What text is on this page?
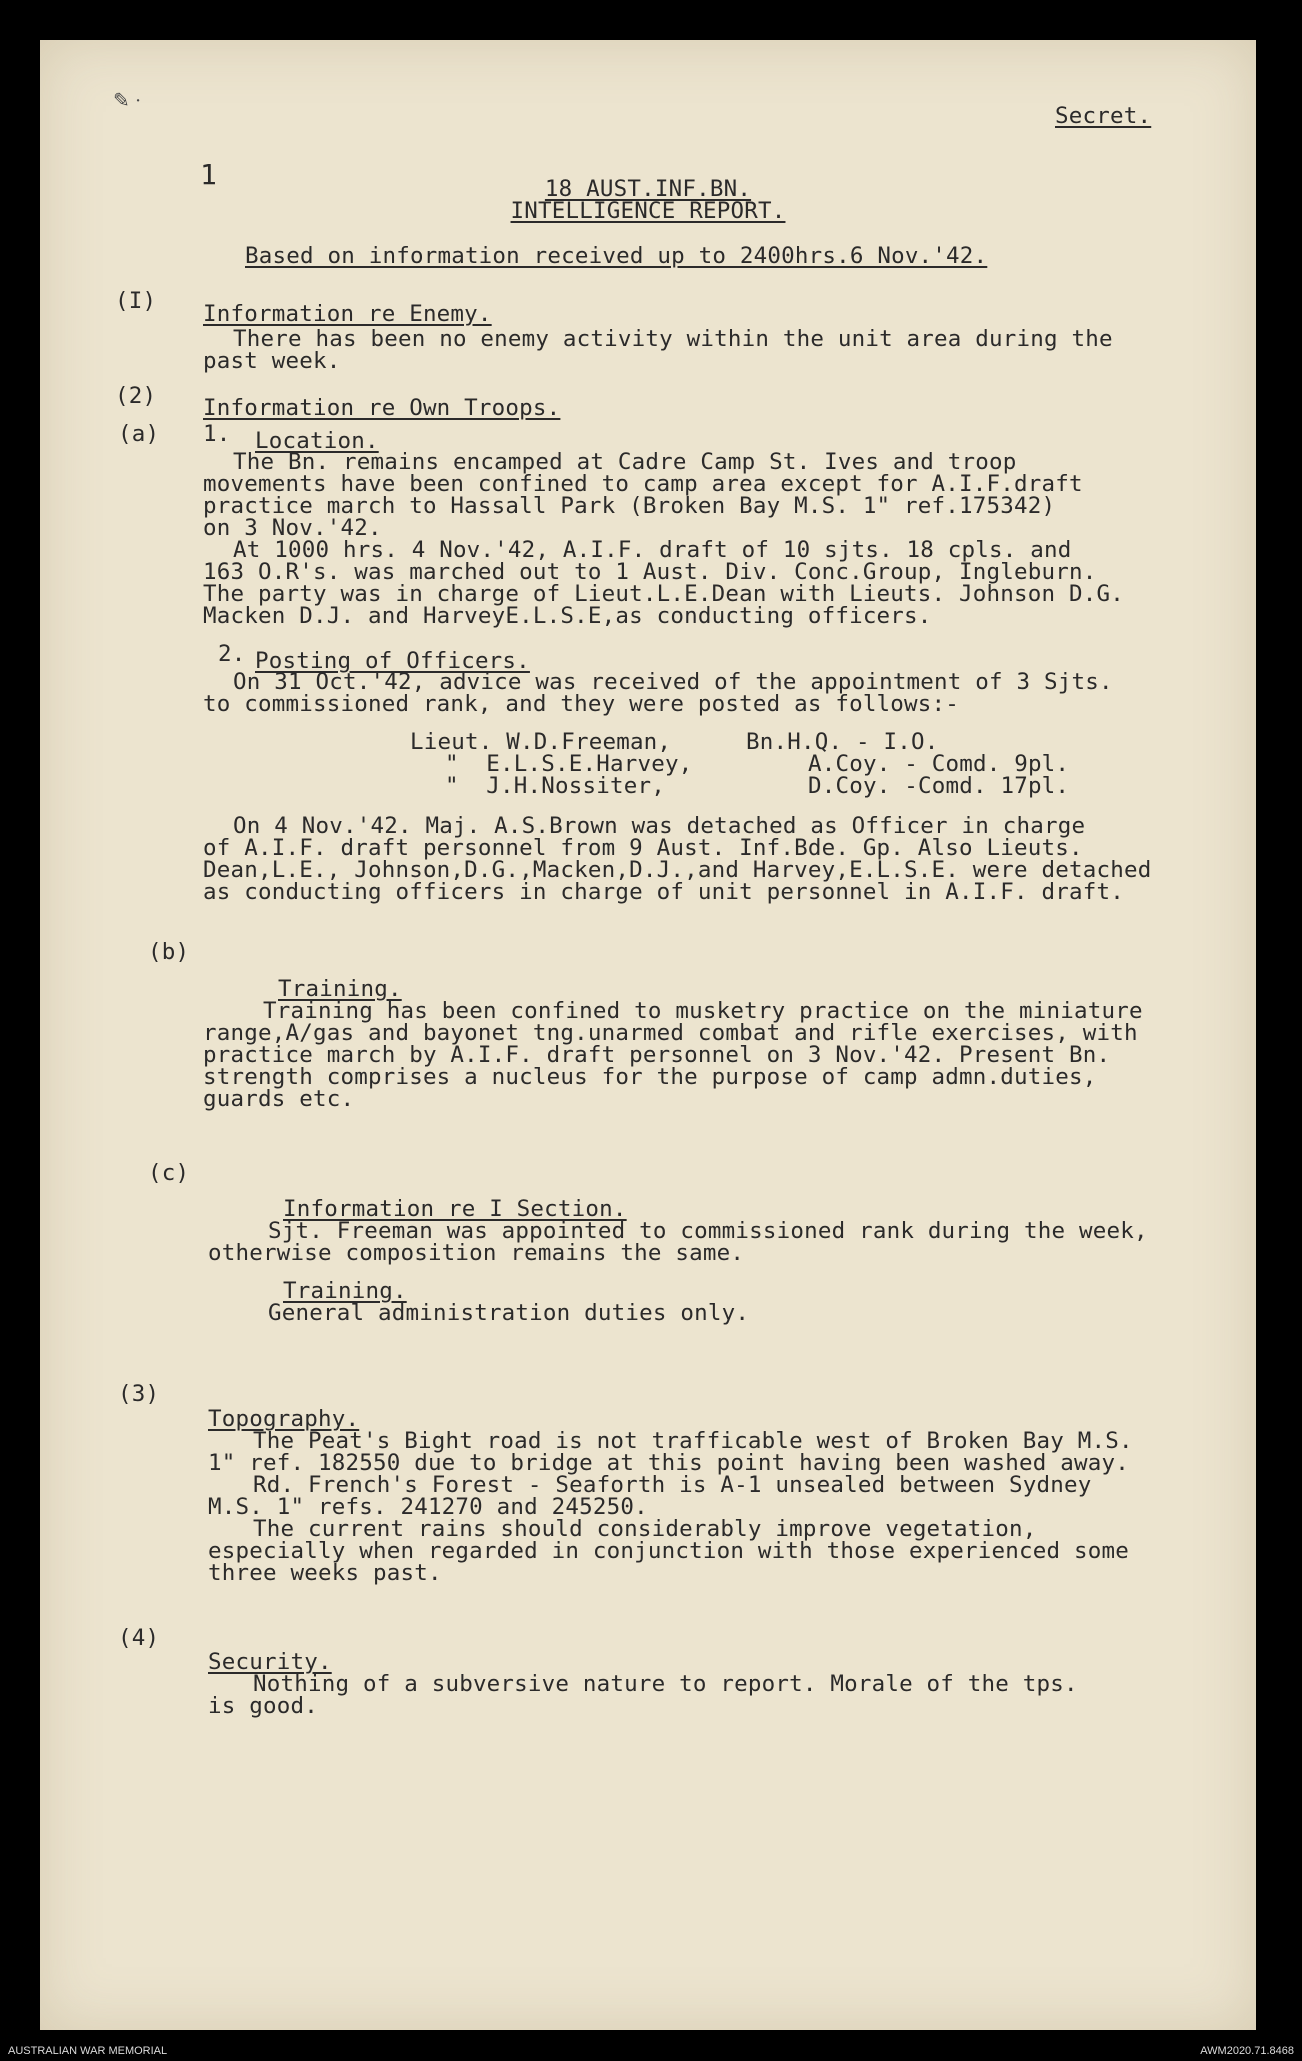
✎ ·
Secret.
1	18 AUST.INF.BN.
INTELLIGENCE REPORT.
Based on information received up to 2400hrs.6 Nov.'42.
(I) Information re Enemy.
There has been no enemy activity within the unit area during the
past week.
(2) Information re Own Troops.
(a) 1. Location.
The Bn. remains encamped at Cadre Camp St. Ives and troop
movements have been confined to camp area except for A.I.F.draft
practice march to Hassall Park (Broken Bay M.S. 1" ref.175342)
on 3 Nov.'42.
At 1000 hrs. 4 Nov.'42, A.I.F. draft of 10 sjts. 18 cpls. and
163 O.R's. was marched out to 1 Aust. Div. Conc.Group, Ingleburn.
The party was in charge of Lieut.L.E.Dean with Lieuts. Johnson D.G.
Macken D.J. and HarveyE.L.S.E,as conducting officers.
2. Posting of Officers.
On 31 Oct.'42, advice was received of the appointment of 3 Sjts.
to commissioned rank, and they were posted as follows:-
Lieut. W.D.Freeman,	Bn.H.Q. - I.O.
"  E.L.S.E.Harvey,	A.Coy. - Comd. 9pl.
"  J.H.Nossiter,	D.Coy. -Comd. 17pl.
On 4 Nov.'42. Maj. A.S.Brown was detached as Officer in charge
of A.I.F. draft personnel from 9 Aust. Inf.Bde. Gp. Also Lieuts.
Dean,L.E., Johnson,D.G.,Macken,D.J.,and Harvey,E.L.S.E. were detached
as conducting officers in charge of unit personnel in A.I.F. draft.
(b)
Training.
Training has been confined to musketry practice on the miniature
range,A/gas and bayonet tng.unarmed combat and rifle exercises, with
practice march by A.I.F. draft personnel on 3 Nov.'42. Present Bn.
strength comprises a nucleus for the purpose of camp admn.duties,
guards etc.
(c)
Information re I Section.
Sjt. Freeman was appointed to commissioned rank during the week,
otherwise composition remains the same.
Training.
General administration duties only.
(3)
Topography.
The Peat's Bight road is not trafficable west of Broken Bay M.S.
1" ref. 182550 due to bridge at this point having been washed away.
Rd. French's Forest - Seaforth is A-1 unsealed between Sydney
M.S. 1" refs. 241270 and 245250.
The current rains should considerably improve vegetation,
especially when regarded in conjunction with those experienced some
three weeks past.
(4)
Security.
Nothing of a subversive nature to report. Morale of the tps.
is good.
AUSTRALIAN WAR MEMORIAL	AWM2020.71.8468
